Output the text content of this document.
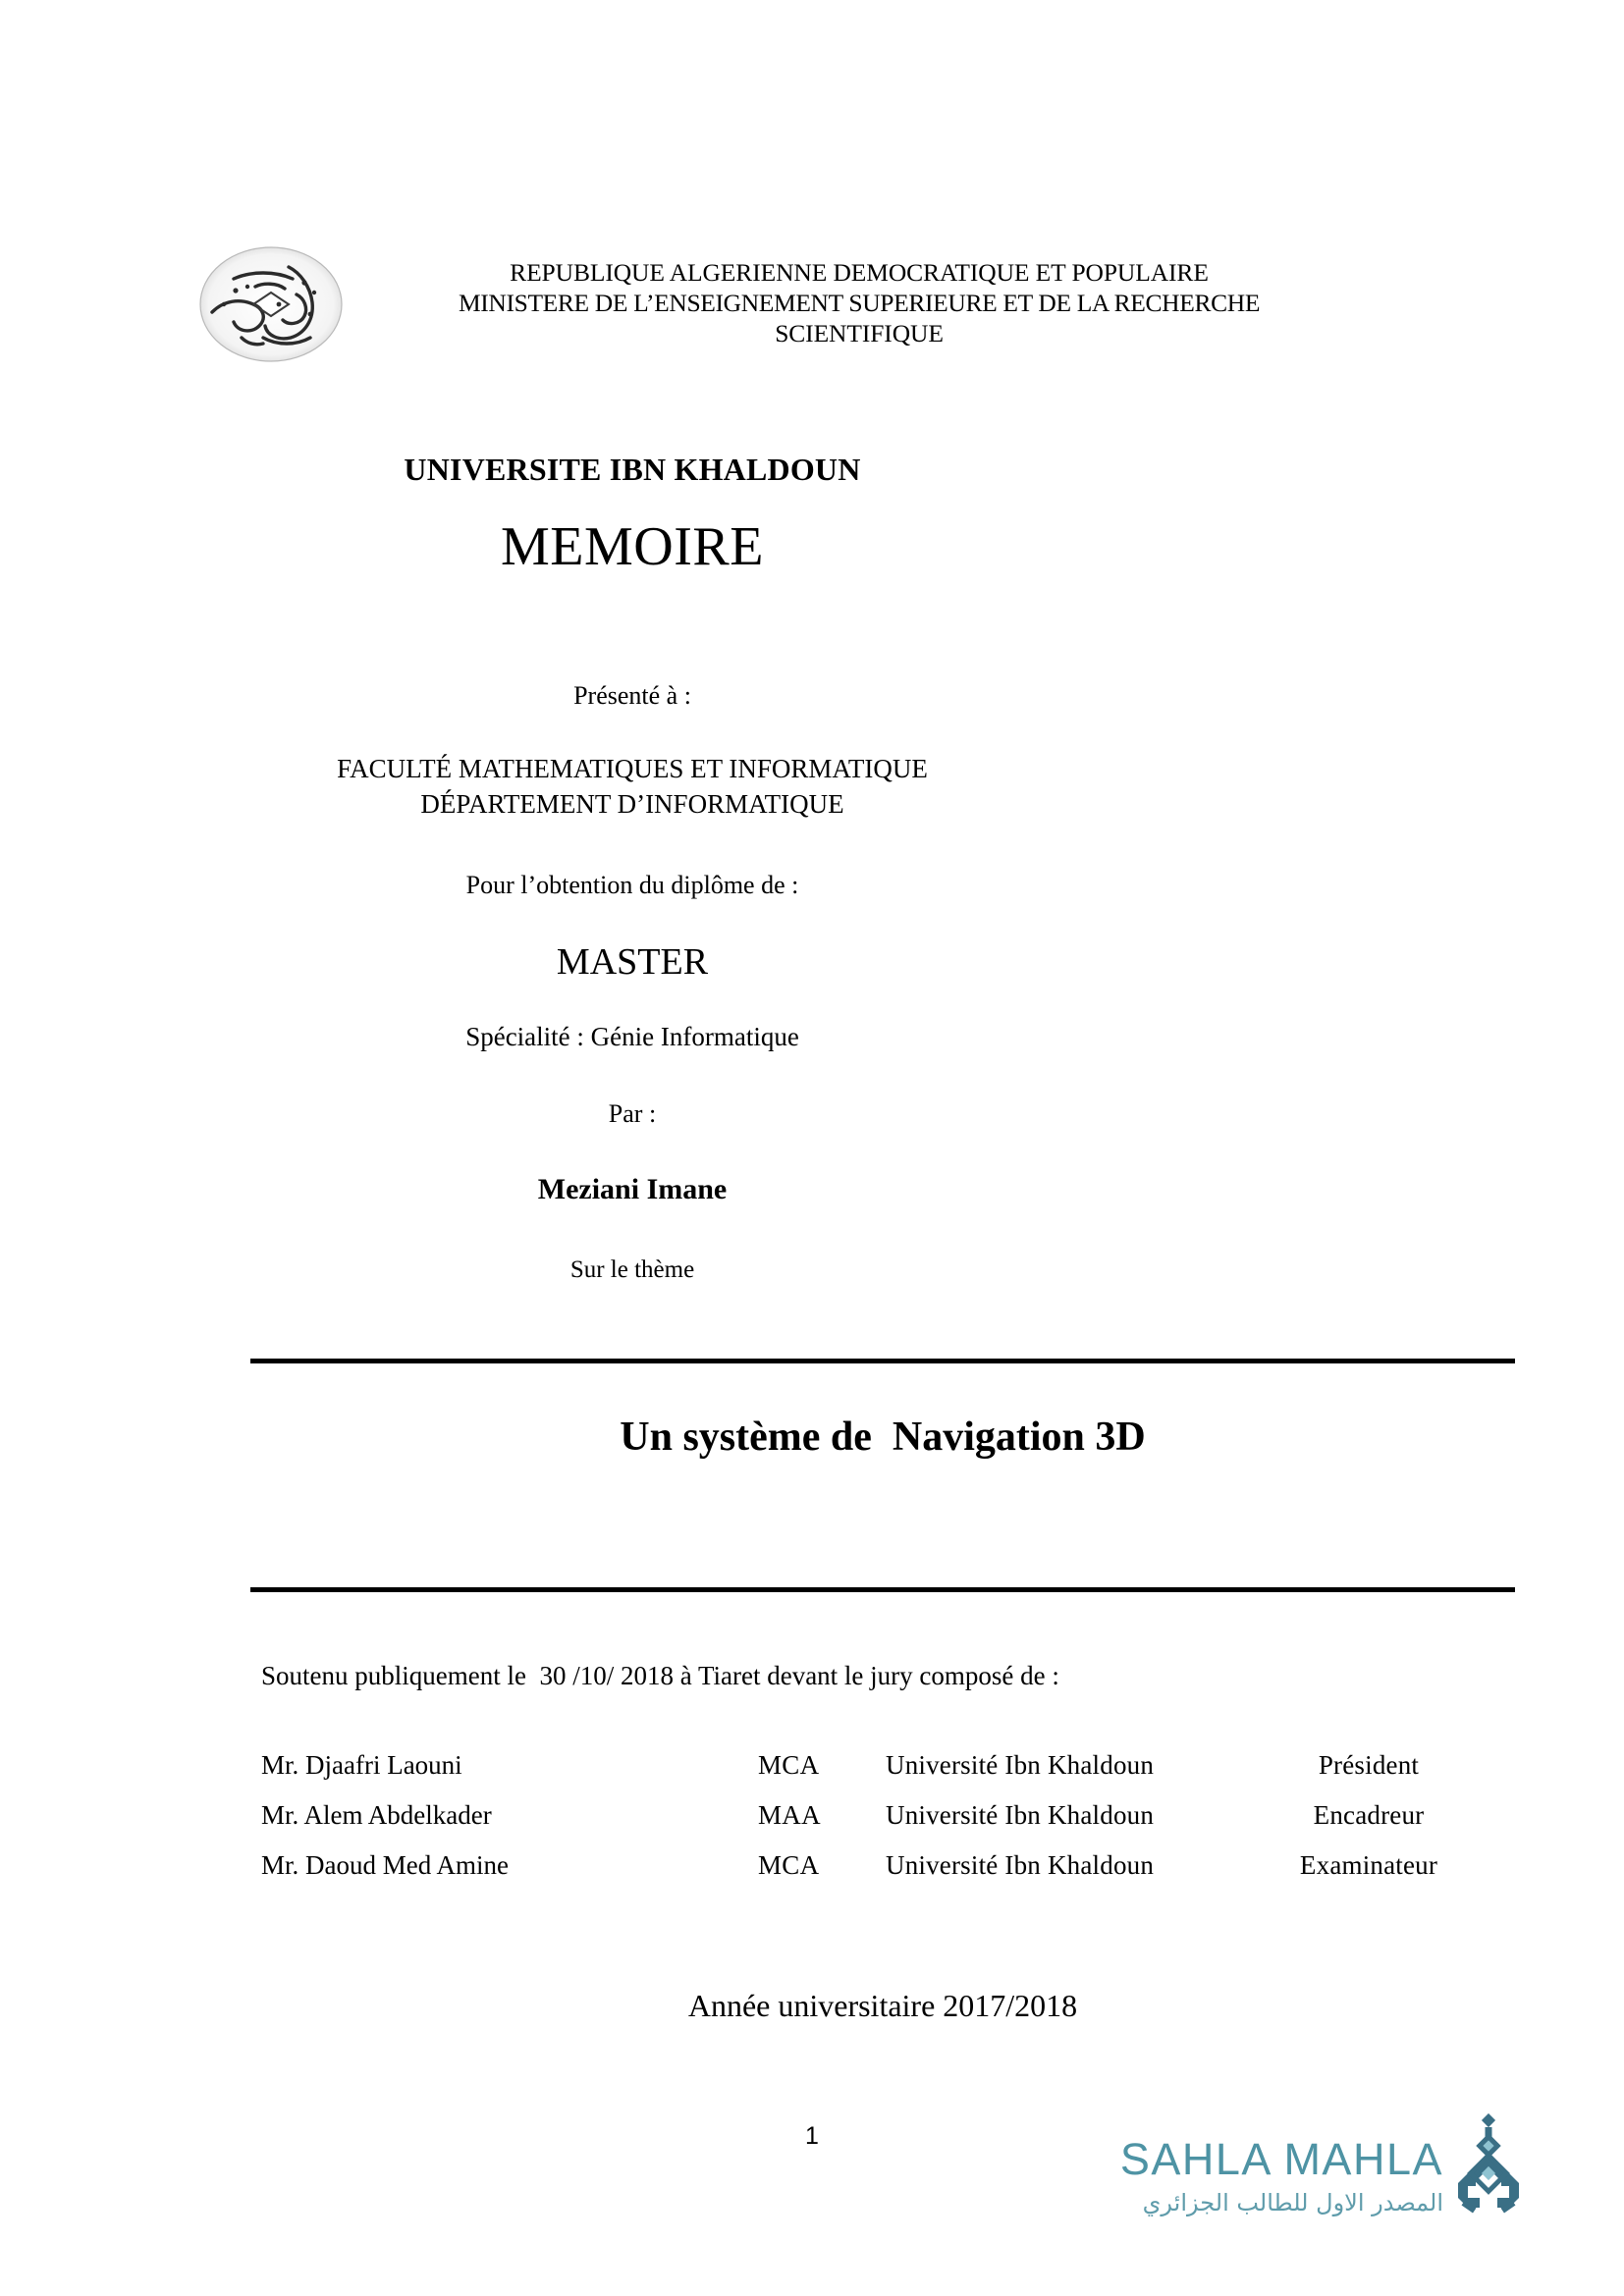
REPUBLIQUE ALGERIENNE DEMOCRATIQUE ET POPULAIRE
MINISTERE DE L’ENSEIGNEMENT SUPERIEURE ET DE LA RECHERCHE
SCIENTIFIQUE
UNIVERSITE IBN KHALDOUN
MEMOIRE
Présenté à :
FACULTÉ MATHEMATIQUES ET INFORMATIQUE
DÉPARTEMENT D’INFORMATIQUE
Pour l’obtention du diplôme de :
MASTER
Spécialité : Génie Informatique
Par :
Meziani Imane
Sur le thème
Un système de  Navigation 3D
Soutenu publiquement le  30 /10/ 2018 à Tiaret devant le jury composé de :
Mr. Djaafri Laouni	MCA	Université Ibn Khaldoun	Président
Mr. Alem Abdelkader	MAA	Université Ibn Khaldoun	Encadreur
Mr. Daoud Med Amine	MCA	Université Ibn Khaldoun	Examinateur
Année universitaire 2017/2018
1	SAHLA MAHLA
المصدر الاول للطالب الجزائري
